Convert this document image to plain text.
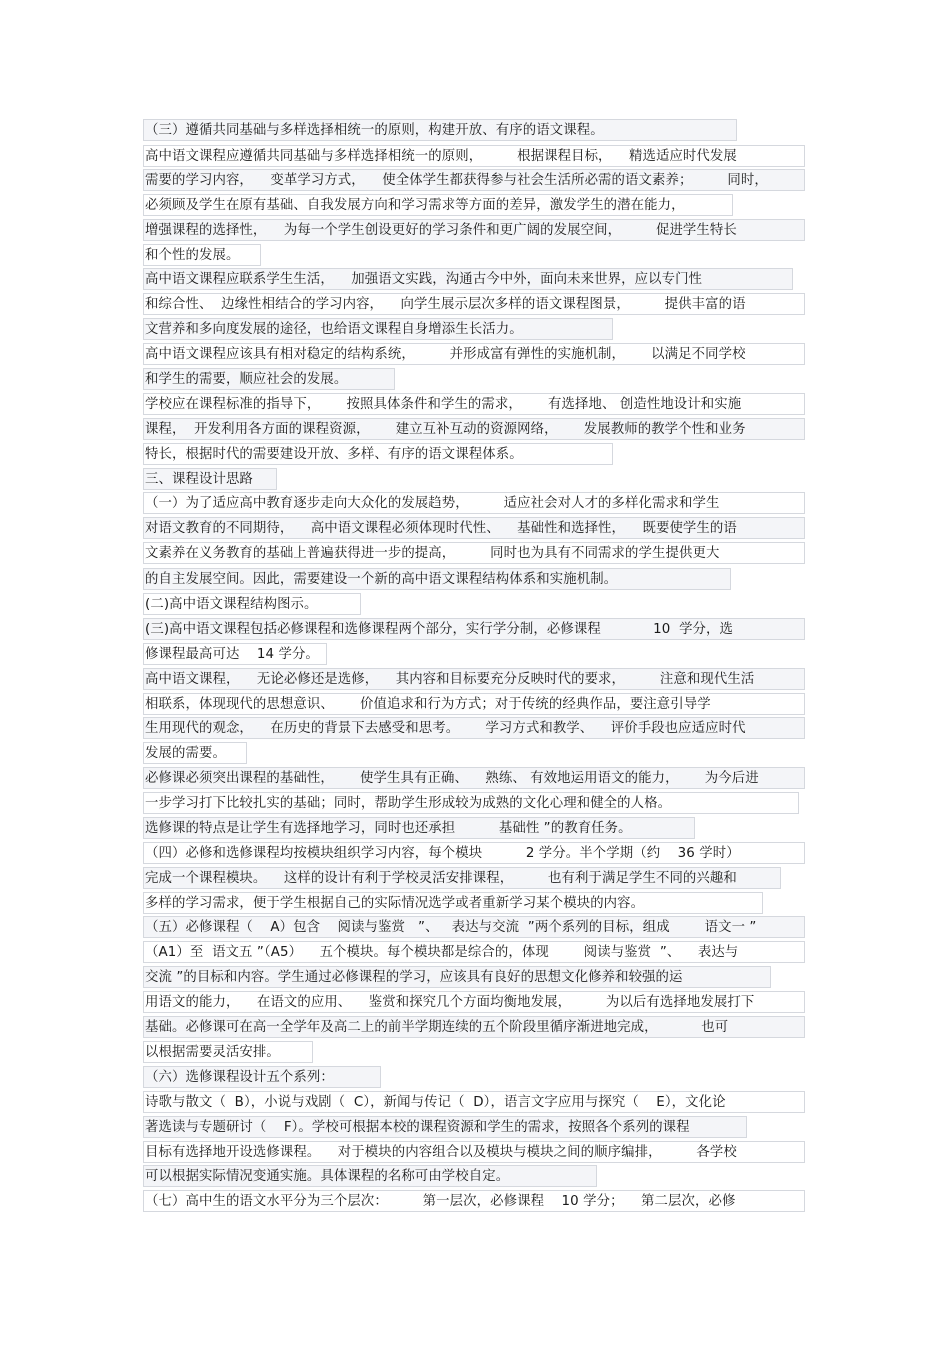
（三）遵循共同基础与多样选择相统一的原则，构建开放、有序的语文课程。
高中语文课程应遵循共同基础与多样选择相统一的原则，        根据课程目标，    精选适应时代发展
需要的学习内容，    变革学习方式，    使全体学生都获得参与社会生活所必需的语文素养；        同时，
必须顾及学生在原有基础、自我发展方向和学习需求等方面的差异，激发学生的潜在能力，
增强课程的选择性，    为每一个学生创设更好的学习条件和更广阔的发展空间，        促进学生特长
和个性的发展。
高中语文课程应联系学生生活，    加强语文实践，沟通古今中外，面向未来世界，应以专门性
和综合性、  边缘性相结合的学习内容，    向学生展示层次多样的语文课程图景，        提供丰富的语
文营养和多向度发展的途径，也给语文课程自身增添生长活力。
高中语文课程应该具有相对稳定的结构系统，        并形成富有弹性的实施机制，      以满足不同学校
和学生的需要，顺应社会的发展。
学校应在课程标准的指导下，      按照具体条件和学生的需求，      有选择地、 创造性地设计和实施
课程，  开发利用各方面的课程资源，      建立互补互动的资源网络，      发展教师的教学个性和业务
特长，根据时代的需要建设开放、多样、有序的语文课程体系。
三、课程设计思路
（一）为了适应高中教育逐步走向大众化的发展趋势，        适应社会对人才的多样化需求和学生
对语文教育的不同期待，    高中语文课程必须体现时代性、    基础性和选择性，    既要使学生的语
文素养在义务教育的基础上普遍获得进一步的提高，        同时也为具有不同需求的学生提供更大
的自主发展空间。因此，需要建设一个新的高中语文课程结构体系和实施机制。
(二)高中语文课程结构图示。
(三)高中语文课程包括必修课程和选修课程两个部分，实行学分制，必修课程            10  学分，选
修课程最高可达    14 学分。
高中语文课程，    无论必修还是选修，    其内容和目标要充分反映时代的要求，        注意和现代生活
相联系，体现现代的思想意识、      价值追求和行为方式；对于传统的经典作品，要注意引导学
生用现代的观念，    在历史的背景下去感受和思考。      学习方式和教学、    评价手段也应适应时代
发展的需要。
必修课必须突出课程的基础性，      使学生具有正确、    熟练、 有效地运用语文的能力，      为今后进
一步学习打下比较扎实的基础；同时，帮助学生形成较为成熟的文化心理和健全的人格。
选修课的特点是让学生有选择地学习，同时也还承担          基础性 ”的教育任务。
（四）必修和选修课程均按模块组织学习内容，每个模块          2 学分。半个学期（约    36 学时）
完成一个课程模块。    这样的设计有利于学校灵活安排课程，        也有利于满足学生不同的兴趣和
多样的学习需求，便于学生根据自己的实际情况选学或者重新学习某个模块的内容。
（五）必修课程（    A）包含    阅读与鉴赏   ”、   表达与交流  ”两个系列的目标，组成        语文一 ”
（A1）至  语文五 ”（A5）    五个模块。每个模块都是综合的，体现        阅读与鉴赏  ”、    表达与
交流 ”的目标和内容。学生通过必修课程的学习，应该具有良好的思想文化修养和较强的运
用语文的能力，    在语文的应用、    鉴赏和探究几个方面均衡地发展，        为以后有选择地发展打下
基础。必修课可在高一全学年及高二上的前半学期连续的五个阶段里循序渐进地完成，          也可
以根据需要灵活安排。
（六）选修课程设计五个系列：
诗歌与散文（  B），小说与戏剧（  C），新闻与传记（  D），语言文字应用与探究（    E），文化论
著选读与专题研讨（    F）。学校可根据本校的课程资源和学生的需求，按照各个系列的课程
目标有选择地开设选修课程。    对于模块的内容组合以及模块与模块之间的顺序编排，        各学校
可以根据实际情况变通实施。具体课程的名称可由学校自定。
（七）高中生的语文水平分为三个层次：        第一层次，必修课程    10 学分；    第二层次，必修
